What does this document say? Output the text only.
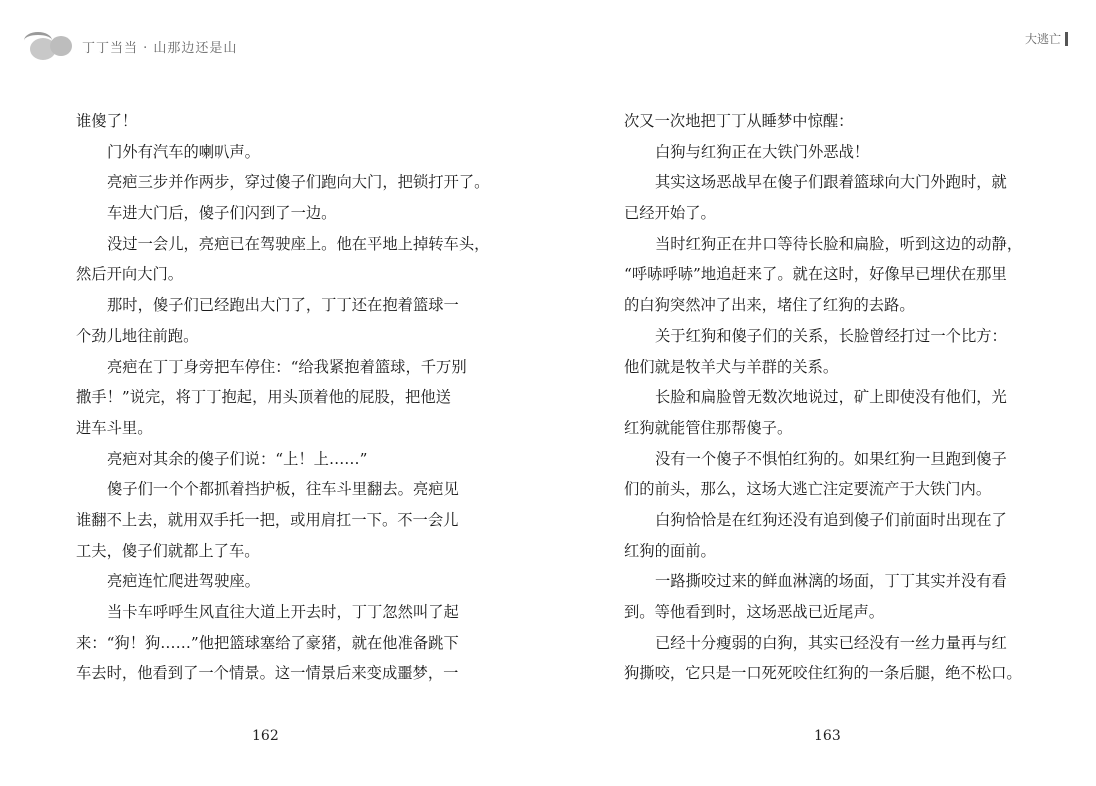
丁丁当当 · 山那边还是山
谁傻了！
门外有汽车的喇叭声。
亮疤三步并作两步，穿过傻子们跑向大门，把锁打开了。
车进大门后，傻子们闪到了一边。
没过一会儿，亮疤已在驾驶座上。他在平地上掉转车头，
然后开向大门。
那时，傻子们已经跑出大门了，丁丁还在抱着篮球一
个劲儿地往前跑。
亮疤在丁丁身旁把车停住：“给我紧抱着篮球，千万别
撒手！”说完，将丁丁抱起，用头顶着他的屁股，把他送
进车斗里。
亮疤对其余的傻子们说：“上！上……”
傻子们一个个都抓着挡护板，往车斗里翻去。亮疤见
谁翻不上去，就用双手托一把，或用肩扛一下。不一会儿
工夫，傻子们就都上了车。
亮疤连忙爬进驾驶座。
当卡车呼呼生风直往大道上开去时，丁丁忽然叫了起
来：“狗！狗……”他把篮球塞给了豪猪，就在他准备跳下
车去时，他看到了一个情景。这一情景后来变成噩梦，一
162
大逃亡
次又一次地把丁丁从睡梦中惊醒：
白狗与红狗正在大铁门外恶战！
其实这场恶战早在傻子们跟着篮球向大门外跑时，就
已经开始了。
当时红狗正在井口等待长脸和扁脸，听到这边的动静，
“呼哧呼哧”地追赶来了。就在这时，好像早已埋伏在那里
的白狗突然冲了出来，堵住了红狗的去路。
关于红狗和傻子们的关系，长脸曾经打过一个比方：
他们就是牧羊犬与羊群的关系。
长脸和扁脸曾无数次地说过，矿上即使没有他们，光
红狗就能管住那帮傻子。
没有一个傻子不惧怕红狗的。如果红狗一旦跑到傻子
们的前头，那么，这场大逃亡注定要流产于大铁门内。
白狗恰恰是在红狗还没有追到傻子们前面时出现在了
红狗的面前。
一路撕咬过来的鲜血淋漓的场面，丁丁其实并没有看
到。等他看到时，这场恶战已近尾声。
已经十分瘦弱的白狗，其实已经没有一丝力量再与红
狗撕咬，它只是一口死死咬住红狗的一条后腿，绝不松口。
163
